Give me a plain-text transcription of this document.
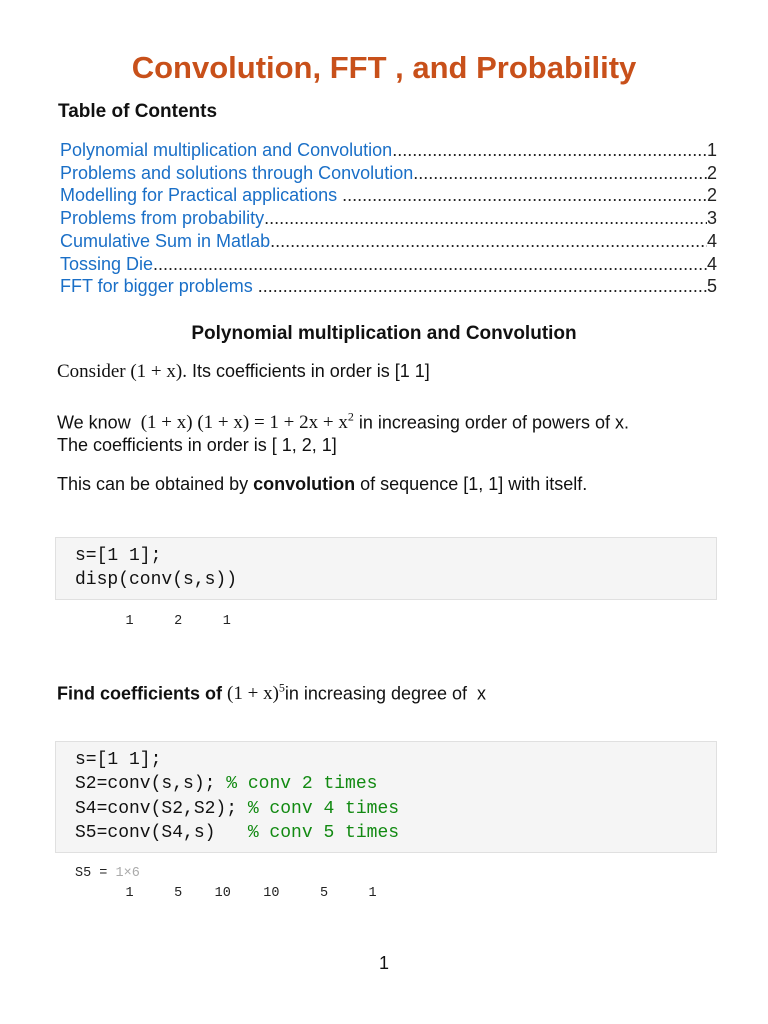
Convolution, FFT , and Probability
Table of Contents
Polynomial multiplication and Convolution .....	1
Problems and solutions through Convolution .....	2
Modelling for Practical applications .....	2
Problems from probability .....	3
Cumulative Sum in Matlab .....	4
Tossing Die .....	4
FFT for bigger problems .....	5
Polynomial multiplication and Convolution
Consider (1 + x). Its coefficients in order is [1 1]
We know  (1 + x) $(1 + x) = 1 + 2x + x^2$ in increasing order of powers of x.
The coefficients in order is [ 1, 2, 1]
This can be obtained by convolution of sequence [1, 1] with itself.
s=[1 1];
disp(conv(s,s))
1     2     1
Find coefficients of $(1 + x)^5in$ increasing degree of  x
s=[1 1];
S2=conv(s,s); % conv 2 times
S4=conv(S2,S2); % conv 4 times
S5=conv(S4,s)   % conv 5 times
S5 = 1×6
1     5    10    10     5     1
1
